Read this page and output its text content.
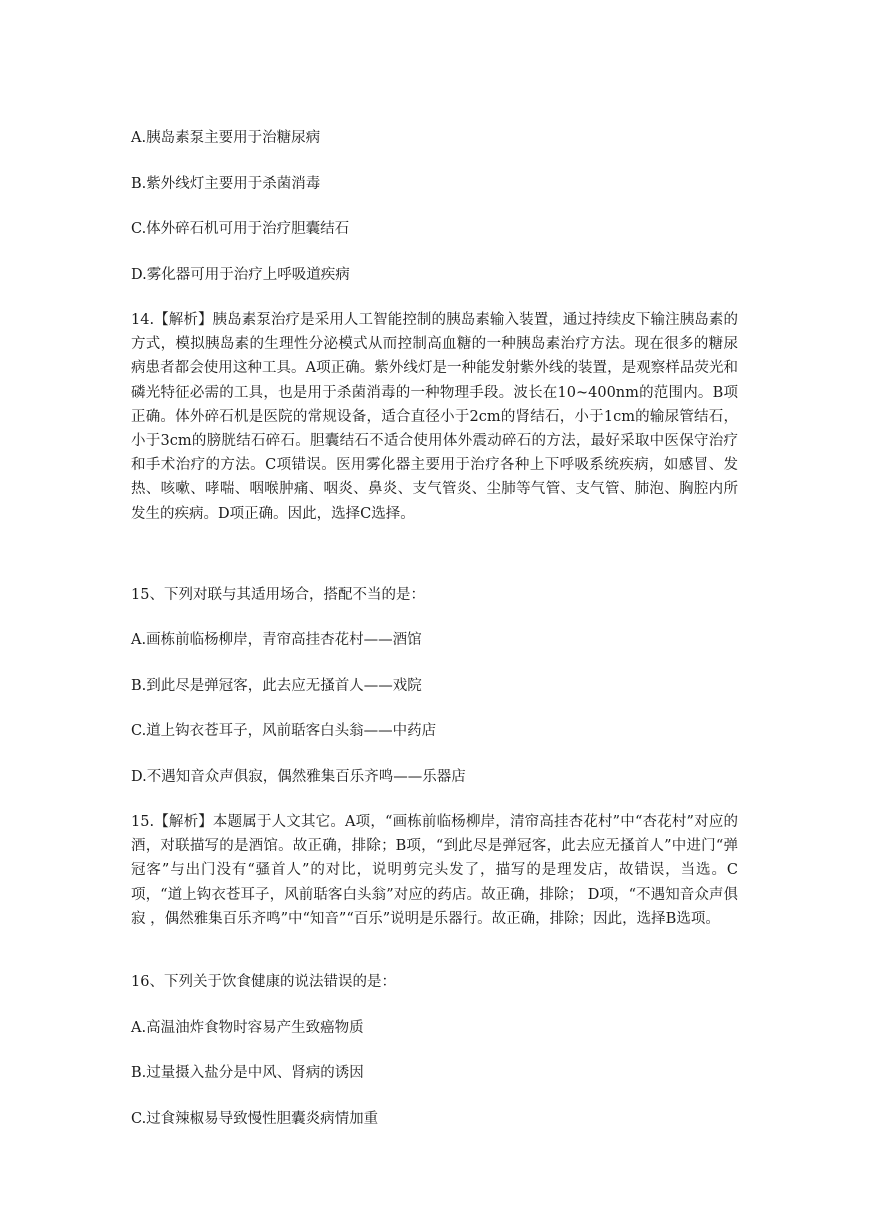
A.胰岛素泵主要用于治糖尿病
B.紫外线灯主要用于杀菌消毒
C.体外碎石机可用于治疗胆囊结石
D.雾化器可用于治疗上呼吸道疾病
14.【解析】胰岛素泵治疗是采用人工智能控制的胰岛素输入装置，通过持续皮下输注胰岛素的方式，模拟胰岛素的生理性分泌模式从而控制高血糖的一种胰岛素治疗方法。现在很多的糖尿病患者都会使用这种工具。A项正确。紫外线灯是一种能发射紫外线的装置，是观察样品荧光和磷光特征必需的工具，也是用于杀菌消毒的一种物理手段。波长在10~400nm的范围内。B项正确。体外碎石机是医院的常规设备，适合直径小于2cm的肾结石，小于1cm的输尿管结石，小于3cm的膀胱结石碎石。胆囊结石不适合使用体外震动碎石的方法，最好采取中医保守治疗和手术治疗的方法。C项错误。医用雾化器主要用于治疗各种上下呼吸系统疾病，如感冒、发热、咳嗽、哮喘、咽喉肿痛、咽炎、鼻炎、支气管炎、尘肺等气管、支气管、肺泡、胸腔内所发生的疾病。D项正确。因此，选择C选择。
15、下列对联与其适用场合，搭配不当的是：
A.画栋前临杨柳岸，青帘高挂杏花村——酒馆
B.到此尽是弹冠客，此去应无搔首人——戏院
C.道上钩衣苍耳子，风前聒客白头翁——中药店
D.不遇知音众声俱寂，偶然雅集百乐齐鸣——乐器店
15.【解析】本题属于人文其它。A项，“画栋前临杨柳岸，清帘高挂杏花村”中“杏花村”对应的酒，对联描写的是酒馆。故正确，排除；B项，“到此尽是弹冠客，此去应无搔首人”中进门“弹冠客”与出门没有“骚首人”的对比，说明剪完头发了，描写的是理发店，故错误，当选。C项，“道上钩衣苍耳子，风前聒客白头翁”对应的药店。故正确，排除； D项，“不遇知音众声俱寂 ，偶然雅集百乐齐鸣”中“知音”“百乐”说明是乐器行。故正确，排除；因此，选择B选项。
16、下列关于饮食健康的说法错误的是：
A.高温油炸食物时容易产生致癌物质
B.过量摄入盐分是中风、肾病的诱因
C.过食辣椒易导致慢性胆囊炎病情加重
